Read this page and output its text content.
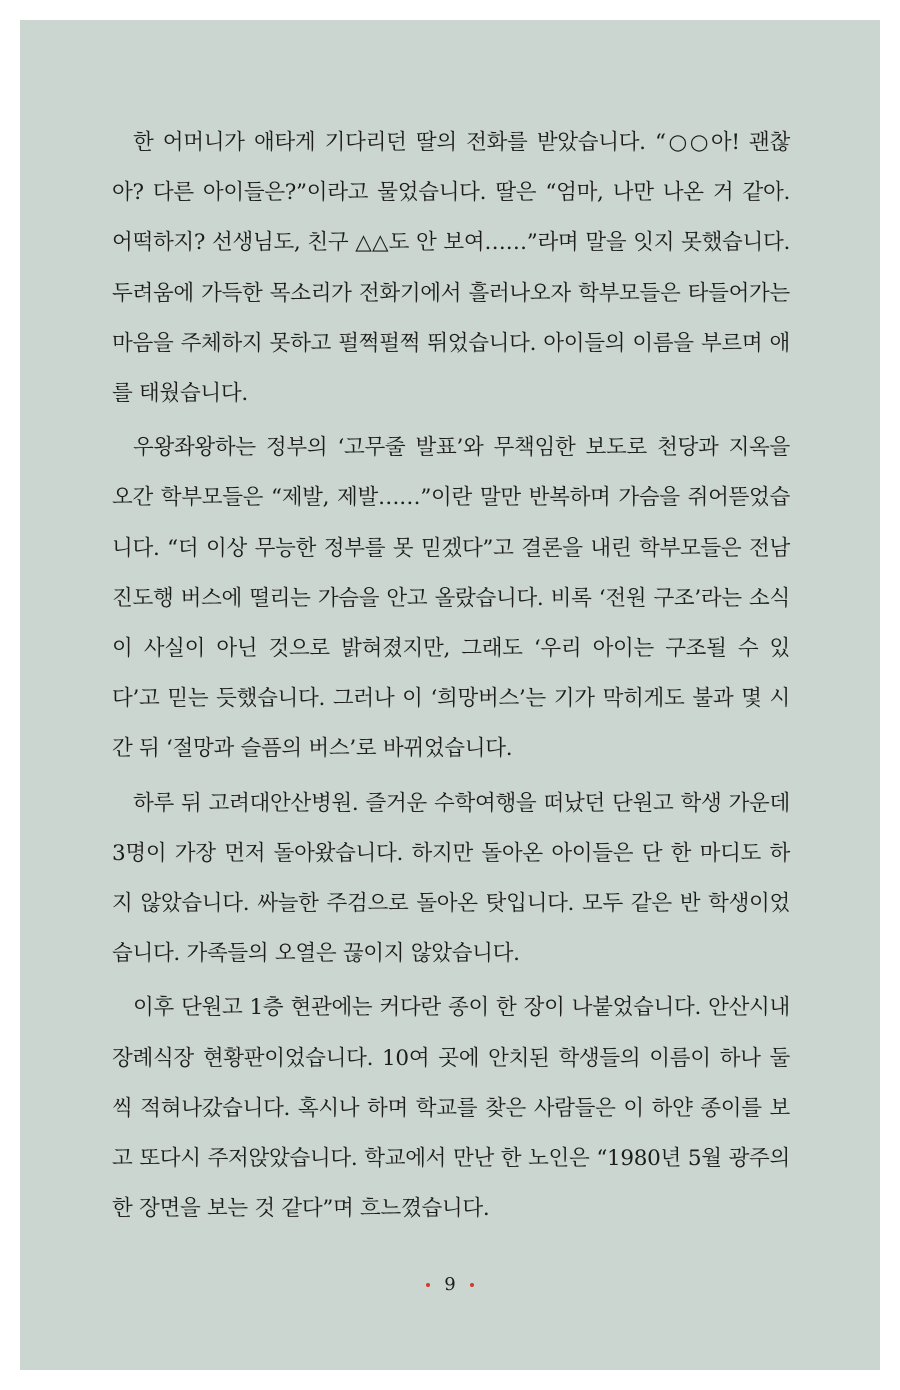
한 어머니가 애타게 기다리던 딸의 전화를 받았습니다. “○○아! 괜찮아? 다른 아이들은?”이라고 물었습니다. 딸은 “엄마, 나만 나온 거 같아. 어떡하지? 선생님도, 친구 △△도 안 보여……”라며 말을 잇지 못했습니다. 두려움에 가득한 목소리가 전화기에서 흘러나오자 학부모들은 타들어가는 마음을 주체하지 못하고 펄쩍펄쩍 뛰었습니다. 아이들의 이름을 부르며 애를 태웠습니다.

우왕좌왕하는 정부의 ‘고무줄 발표’와 무책임한 보도로 천당과 지옥을 오간 학부모들은 “제발, 제발……”이란 말만 반복하며 가슴을 쥐어뜯었습니다. “더 이상 무능한 정부를 못 믿겠다”고 결론을 내린 학부모들은 전남 진도행 버스에 떨리는 가슴을 안고 올랐습니다. 비록 ‘전원 구조’라는 소식이 사실이 아닌 것으로 밝혀졌지만, 그래도 ‘우리 아이는 구조될 수 있다’고 믿는 듯했습니다. 그러나 이 ‘희망버스’는 기가 막히게도 불과 몇 시간 뒤 ‘절망과 슬픔의 버스’로 바뀌었습니다.

하루 뒤 고려대안산병원. 즐거운 수학여행을 떠났던 단원고 학생 가운데 3명이 가장 먼저 돌아왔습니다. 하지만 돌아온 아이들은 단 한 마디도 하지 않았습니다. 싸늘한 주검으로 돌아온 탓입니다. 모두 같은 반 학생이었습니다. 가족들의 오열은 끊이지 않았습니다.

이후 단원고 1층 현관에는 커다란 종이 한 장이 나붙었습니다. 안산시내 장례식장 현황판이었습니다. 10여 곳에 안치된 학생들의 이름이 하나 둘씩 적혀나갔습니다. 혹시나 하며 학교를 찾은 사람들은 이 하얀 종이를 보고 또다시 주저앉았습니다. 학교에서 만난 한 노인은 “1980년 5월 광주의 한 장면을 보는 것 같다”며 흐느꼈습니다.

9
